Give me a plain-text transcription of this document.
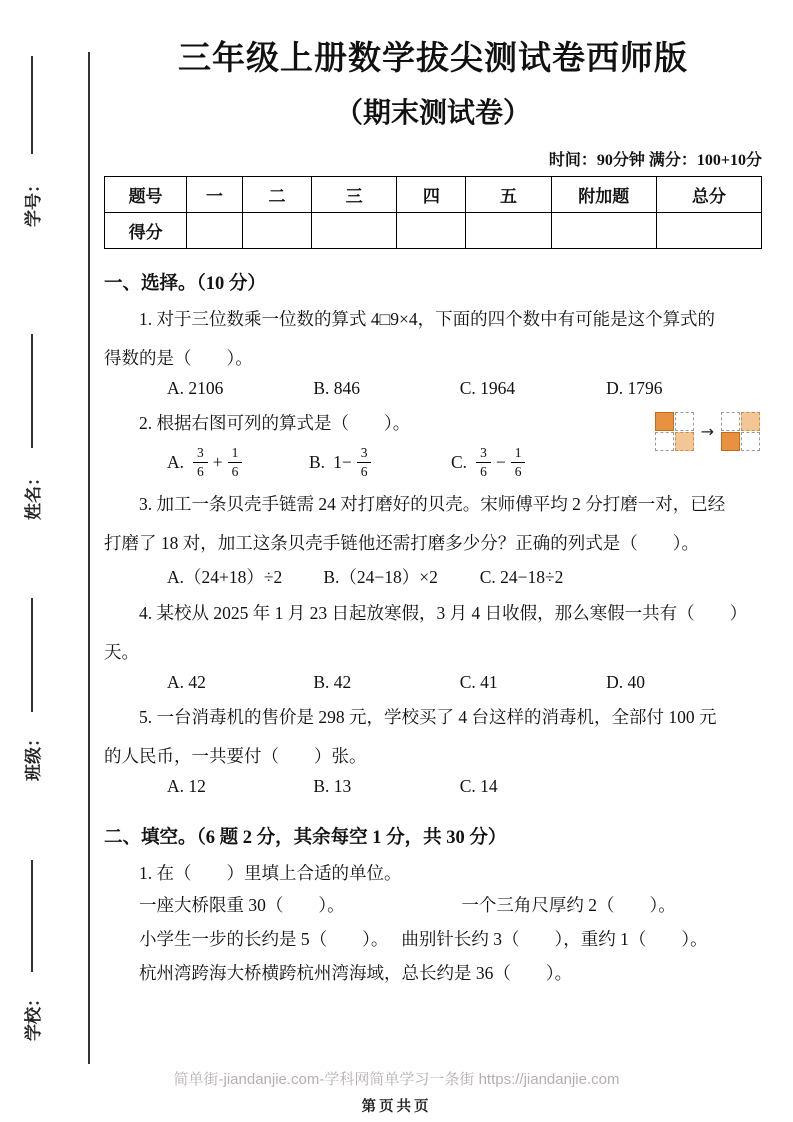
学号：
姓名：
班级：
学校：
三年级上册数学拔尖测试卷西师版
（期末测试卷）
时间：90分钟 满分：100+10分
题号	一	二	三	四	五	附加题	总分
得分							
一、选择。（10 分）

1. 对于三位数乘一位数的算式 4□9×4，下面的四个数中有可能是这个算式的

得数的是（　　）。

A. 2106	B. 846	C. 1964	D. 1796

2. 根据右图可列的算式是（　　）。

A. $\frac{3}{6} + \frac{1}{6}$	B. $1- \frac{3}{6}$	C. $\frac{3}{6} - \frac{1}{6}$
→

3. 加工一条贝壳手链需 24 对打磨好的贝壳。宋师傅平均 2 分打磨一对，已经

打磨了 18 对，加工这条贝壳手链他还需打磨多少分？正确的列式是（　　）。

A.（24+18）÷2 B.（24−18）×2 C. 24−18÷2

4. 某校从 2025 年 1 月 23 日起放寒假，3 月 4 日收假，那么寒假一共有（　　）

天。

A. 42	B. 42	C. 41	D. 40

5. 一台消毒机的售价是 298 元，学校买了 4 台这样的消毒机，全部付 100 元

的人民币，一共要付（　　）张。

A. 12	B. 13	C. 14
二、填空。（6 题 2 分，其余每空 1 分，共 30 分）

1. 在（　　）里填上合适的单位。

一座大桥限重 30（　　）。	一个三角尺厚约 2（　　）。
小学生一步的长约是 5（　　）。 曲别针长约 3（　　），重约 1（　　）。
杭州湾跨海大桥横跨杭州湾海域，总长约是 36（　　）。
简单街-jiandanjie.com-学科网简单学习一条街 https://jiandanjie.com
第页共页
